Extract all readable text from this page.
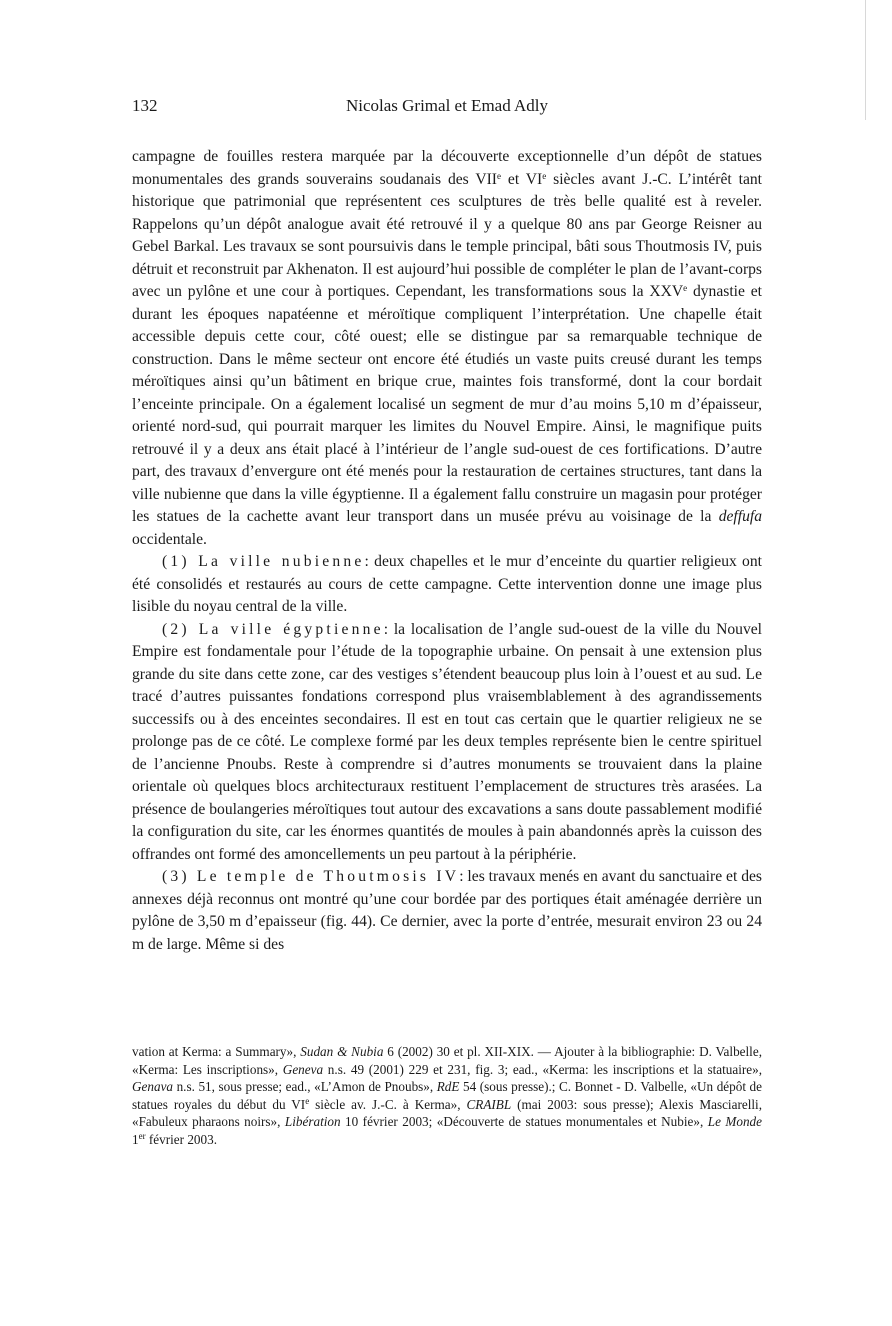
132	Nicolas Grimal et Emad Adly

campagne de fouilles restera marquée par la découverte exceptionnelle d’un dépôt de statues monumentales des grands souverains soudanais des VIIe et VIe siècles avant J.-C. L’intérêt tant historique que patrimonial que représentent ces sculptures de très belle qualité est à reveler. Rappelons qu’un dépôt analogue avait été retrouvé il y a quelque 80 ans par George Reisner au Gebel Barkal. Les travaux se sont poursuivis dans le temple principal, bâti sous Thoutmosis IV, puis détruit et reconstruit par Akhenaton. Il est aujourd’hui possible de compléter le plan de l’avant-corps avec un pylône et une cour à portiques. Cependant, les transformations sous la XXVe dynastie et durant les époques napatéenne et méroïtique compliquent l’interprétation. Une chapelle était accessible depuis cette cour, côté ouest; elle se distingue par sa remarquable technique de construction. Dans le même secteur ont encore été étudiés un vaste puits creusé durant les temps méroïtiques ainsi qu’un bâtiment en brique crue, maintes fois transformé, dont la cour bordait l’enceinte principale. On a également localisé un segment de mur d’au moins 5,10 m d’épaisseur, orienté nord-sud, qui pourrait marquer les limites du Nouvel Empire. Ainsi, le magnifique puits retrouvé il y a deux ans était placé à l’intérieur de l’angle sud-ouest de ces fortifications. D’autre part, des travaux d’envergure ont été menés pour la restauration de certaines structures, tant dans la ville nubienne que dans la ville égyptienne. Il a également fallu construire un magasin pour protéger les statues de la cachette avant leur transport dans un musée prévu au voisinage de la deffufa occidentale.

(1) La ville nubienne: deux chapelles et le mur d’enceinte du quartier religieux ont été consolidés et restaurés au cours de cette campagne. Cette intervention donne une image plus lisible du noyau central de la ville.

(2) La ville égyptienne: la localisation de l’angle sud-ouest de la ville du Nouvel Empire est fondamentale pour l’étude de la topographie urbaine. On pensait à une extension plus grande du site dans cette zone, car des vestiges s’étendent beaucoup plus loin à l’ouest et au sud. Le tracé d’autres puissantes fondations correspond plus vraisemblablement à des agrandissements successifs ou à des enceintes secondaires. Il est en tout cas certain que le quartier religieux ne se prolonge pas de ce côté. Le complexe formé par les deux temples représente bien le centre spirituel de l’ancienne Pnoubs. Reste à comprendre si d’autres monuments se trouvaient dans la plaine orientale où quelques blocs architecturaux restituent l’emplacement de structures très arasées. La présence de boulangeries méroïtiques tout autour des excavations a sans doute passablement modifié la configuration du site, car les énormes quantités de moules à pain abandonnés après la cuisson des offrandes ont formé des amoncellements un peu partout à la périphérie.

(3) Le temple de Thoutmosis IV: les travaux menés en avant du sanctuaire et des annexes déjà reconnus ont montré qu’une cour bordée par des portiques était aménagée derrière un pylône de 3,50 m d’epaisseur (fig. 44). Ce dernier, avec la porte d’entrée, mesurait environ 23 ou 24 m de large. Même si des

vation at Kerma: a Summary», Sudan & Nubia 6 (2002) 30 et pl. XII-XIX. — Ajouter à la bibliographie: D. Valbelle, «Kerma: Les inscriptions», Geneva n.s. 49 (2001) 229 et 231, fig. 3; ead., «Kerma: les inscriptions et la statuaire», Genava n.s. 51, sous presse; ead., «L’Amon de Pnoubs», RdE 54 (sous presse).; C. Bonnet - D. Valbelle, «Un dépôt de statues royales du début du VIe siècle av. J.-C. à Kerma», CRAIBL (mai 2003: sous presse); Alexis Masciarelli, «Fabuleux pharaons noirs», Libération 10 février 2003; «Découverte de statues monumentales et Nubie», Le Monde 1er février 2003.
